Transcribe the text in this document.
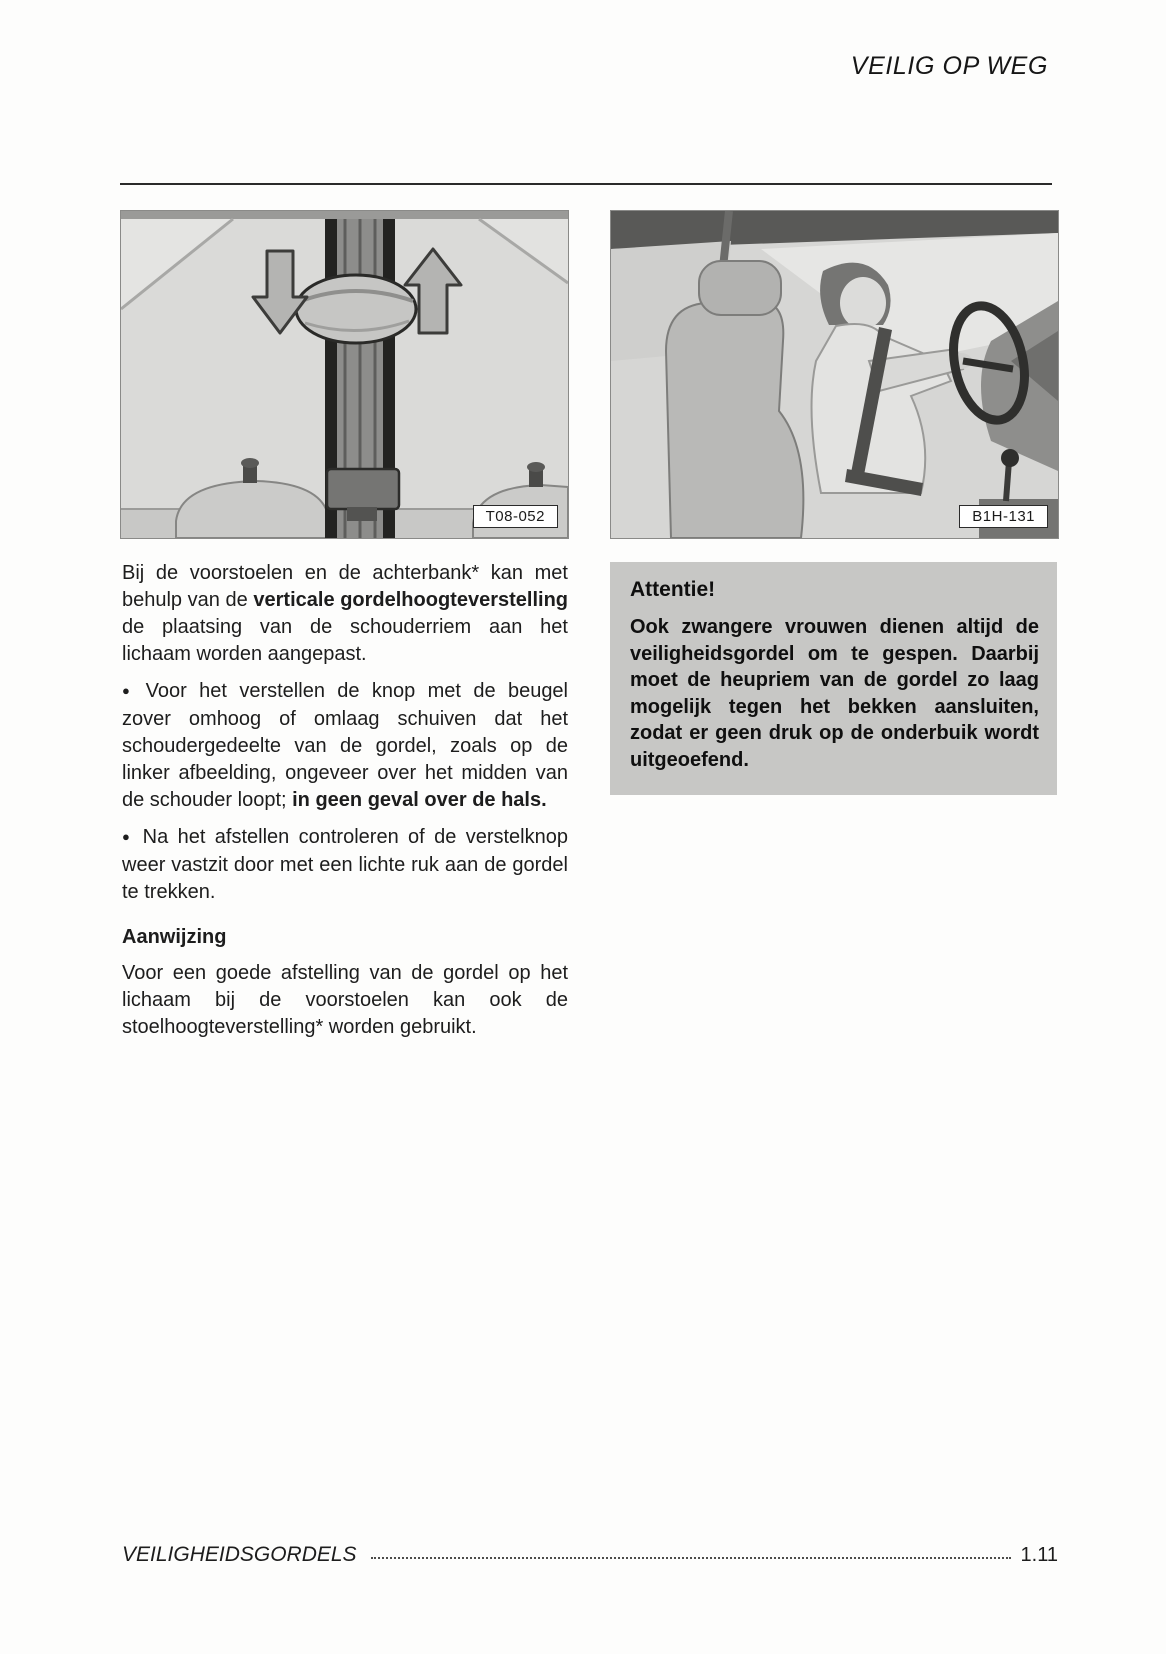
VEILIG OP WEG
T08-052	B1H-131

Bij de voorstoelen en de achterbank* kan met behulp van de verticale gordelhoogteverstelling de plaatsing van de schouderriem aan het lichaam worden aangepast.

● Voor het verstellen de knop met de beugel zover omhoog of omlaag schuiven dat het schoudergedeelte van de gordel, zoals op de linker afbeelding, ongeveer over het midden van de schouder loopt; in geen geval over de hals.

● Na het afstellen controleren of de verstelknop weer vastzit door met een lichte ruk aan de gordel te trekken.

Aanwijzing

Voor een goede afstelling van de gordel op het lichaam bij de voorstoelen kan ook de stoelhoogteverstelling* worden gebruikt.

Attentie!

Ook zwangere vrouwen dienen altijd de veiligheidsgordel om te gespen. Daarbij moet de heupriem van de gordel zo laag mogelijk tegen het bekken aansluiten, zodat er geen druk op de onderbuik wordt uitgeoefend.

VEILIGHEIDSGORDELS	1.11
